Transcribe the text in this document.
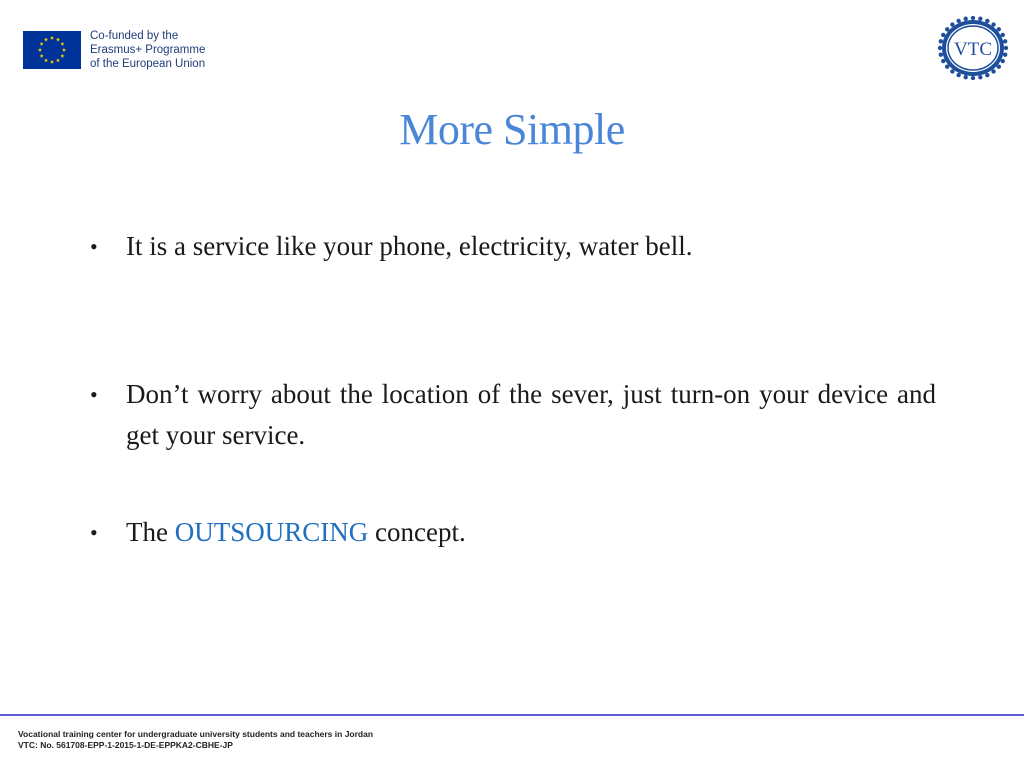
Co-funded by the
Erasmus+ Programme
of the European Union
VTC
More Simple
• It is a service like your phone, electricity, water bell.
• Don’t worry about the location of the sever, just turn-on your device and get your service.
• The OUTSOURCING concept.
Vocational training center for undergraduate university students and teachers in Jordan
VTC: No. 561708-EPP-1-2015-1-DE-EPPKA2-CBHE-JP
